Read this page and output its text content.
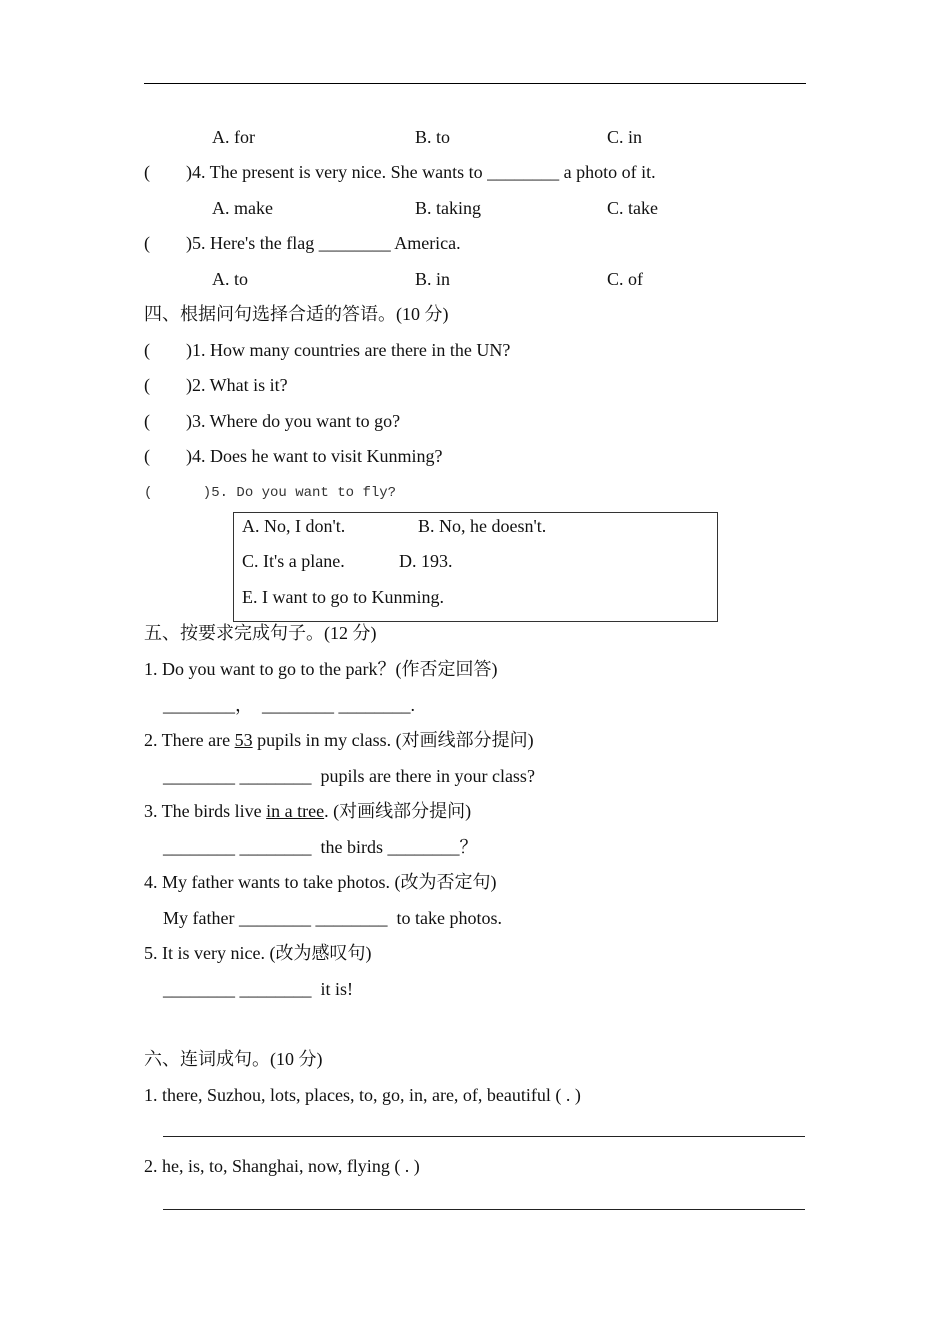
A. for	B. to	C. in
(        )4. The present is very nice. She wants to ________ a photo of it.
A. make	B. taking	C. take
(        )5. Here's the flag ________ America.
A. to	B. in	C. of
四、根据问句选择合适的答语。(10 分)
(        )1. How many countries are there in the UN?
(        )2. What is it?
(        )3. Where do you want to go?
(        )4. Does he want to visit Kunming?
(      )5. Do you want to fly?
A. No, I don't.	B. No, he doesn't.
C. It's a plane.	D. 193.
E. I want to go to Kunming.
五、按要求完成句子。(12 分)
1. Do you want to go to the park？(作否定回答)
________，  ________ ________.
2. There are 53 pupils in my class. (对画线部分提问)
________ ________  pupils are there in your class?
3. The birds live in a tree. (对画线部分提问)
________ ________  the birds ________？
4. My father wants to take photos. (改为否定句)
My father ________ ________  to take photos.
5. It is very nice. (改为感叹句)
________ ________  it is!
六、连词成句。(10 分)
1. there, Suzhou, lots, places, to, go, in, are, of, beautiful ( . )
2. he, is, to, Shanghai, now, flying ( . )
